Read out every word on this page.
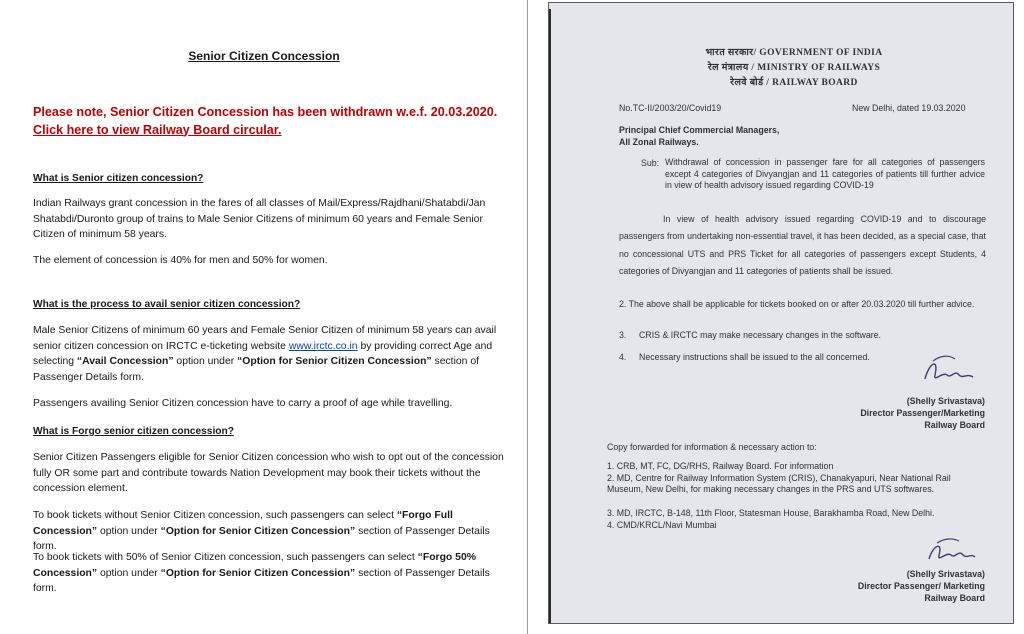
Senior Citizen Concession
Please note, Senior Citizen Concession has been withdrawn w.e.f. 20.03.2020.
Click here to view Railway Board circular.
What is Senior citizen concession?
Indian Railways grant concession in the fares of all classes of Mail/Express/Rajdhani/Shatabdi/Jan Shatabdi/Duronto group of trains to Male Senior Citizens of minimum 60 years and Female Senior Citizen of minimum 58 years.
The element of concession is 40% for men and 50% for women.
What is the process to avail senior citizen concession?
Male Senior Citizens of minimum 60 years and Female Senior Citizen of minimum 58 years can avail senior citizen concession on IRCTC e-ticketing website www.irctc.co.in by providing correct Age and selecting “Avail Concession” option under “Option for Senior Citizen Concession” section of Passenger Details form.
Passengers availing Senior Citizen concession have to carry a proof of age while travelling.
What is Forgo senior citizen concession?
Senior Citizen Passengers eligible for Senior Citizen concession who wish to opt out of the concession fully OR some part and contribute towards Nation Development may book their tickets without the concession element.
To book tickets without Senior Citizen concession, such passengers can select “Forgo Full Concession” option under “Option for Senior Citizen Concession” section of Passenger Details form.
To book tickets with 50% of Senior Citizen concession, such passengers can select “Forgo 50% Concession” option under “Option for Senior Citizen Concession” section of Passenger Details form.
भारत सरकार/ GOVERNMENT OF INDIA
रेल मंत्रालय / MINISTRY OF RAILWAYS
रेलवे बोर्ड / RAILWAY BOARD
No.TC-II/2003/20/Covid19	New Delhi, dated 19.03.2020
Principal Chief Commercial Managers,
All Zonal Railways.
Sub: Withdrawal of concession in passenger fare for all categories of passengers except 4 categories of Divyangjan and 11 categories of patients till further advice in view of health advisory issued regarding COVID-19
In view of health advisory issued regarding COVID-19 and to discourage passengers from undertaking non-essential travel, it has been decided, as a special case, that no concessional UTS and PRS Ticket for all categories of passengers except Students, 4 categories of Divyangjan and 11 categories of patients shall be issued.
2. The above shall be applicable for tickets booked on or after 20.03.2020 till further advice.
3. CRIS & IRCTC may make necessary changes in the software.
4. Necessary instructions shall be issued to the all concerned.
(Shelly Srivastava)
Director Passenger/Marketing
Railway Board
Copy forwarded for information & necessary action to:
1. CRB, MT, FC, DG/RHS, Railway Board. For information
2. MD, Centre for Railway Information System (CRIS), Chanakyapuri, Near National Rail Museum, New Delhi, for making necessary changes in the PRS and UTS softwares.
3. MD, IRCTC, B-148, 11th Floor, Statesman House, Barakhamba Road, New Delhi.
4. CMD/KRCL/Navi Mumbai
(Shelly Srivastava)
Director Passenger/ Marketing
Railway Board
